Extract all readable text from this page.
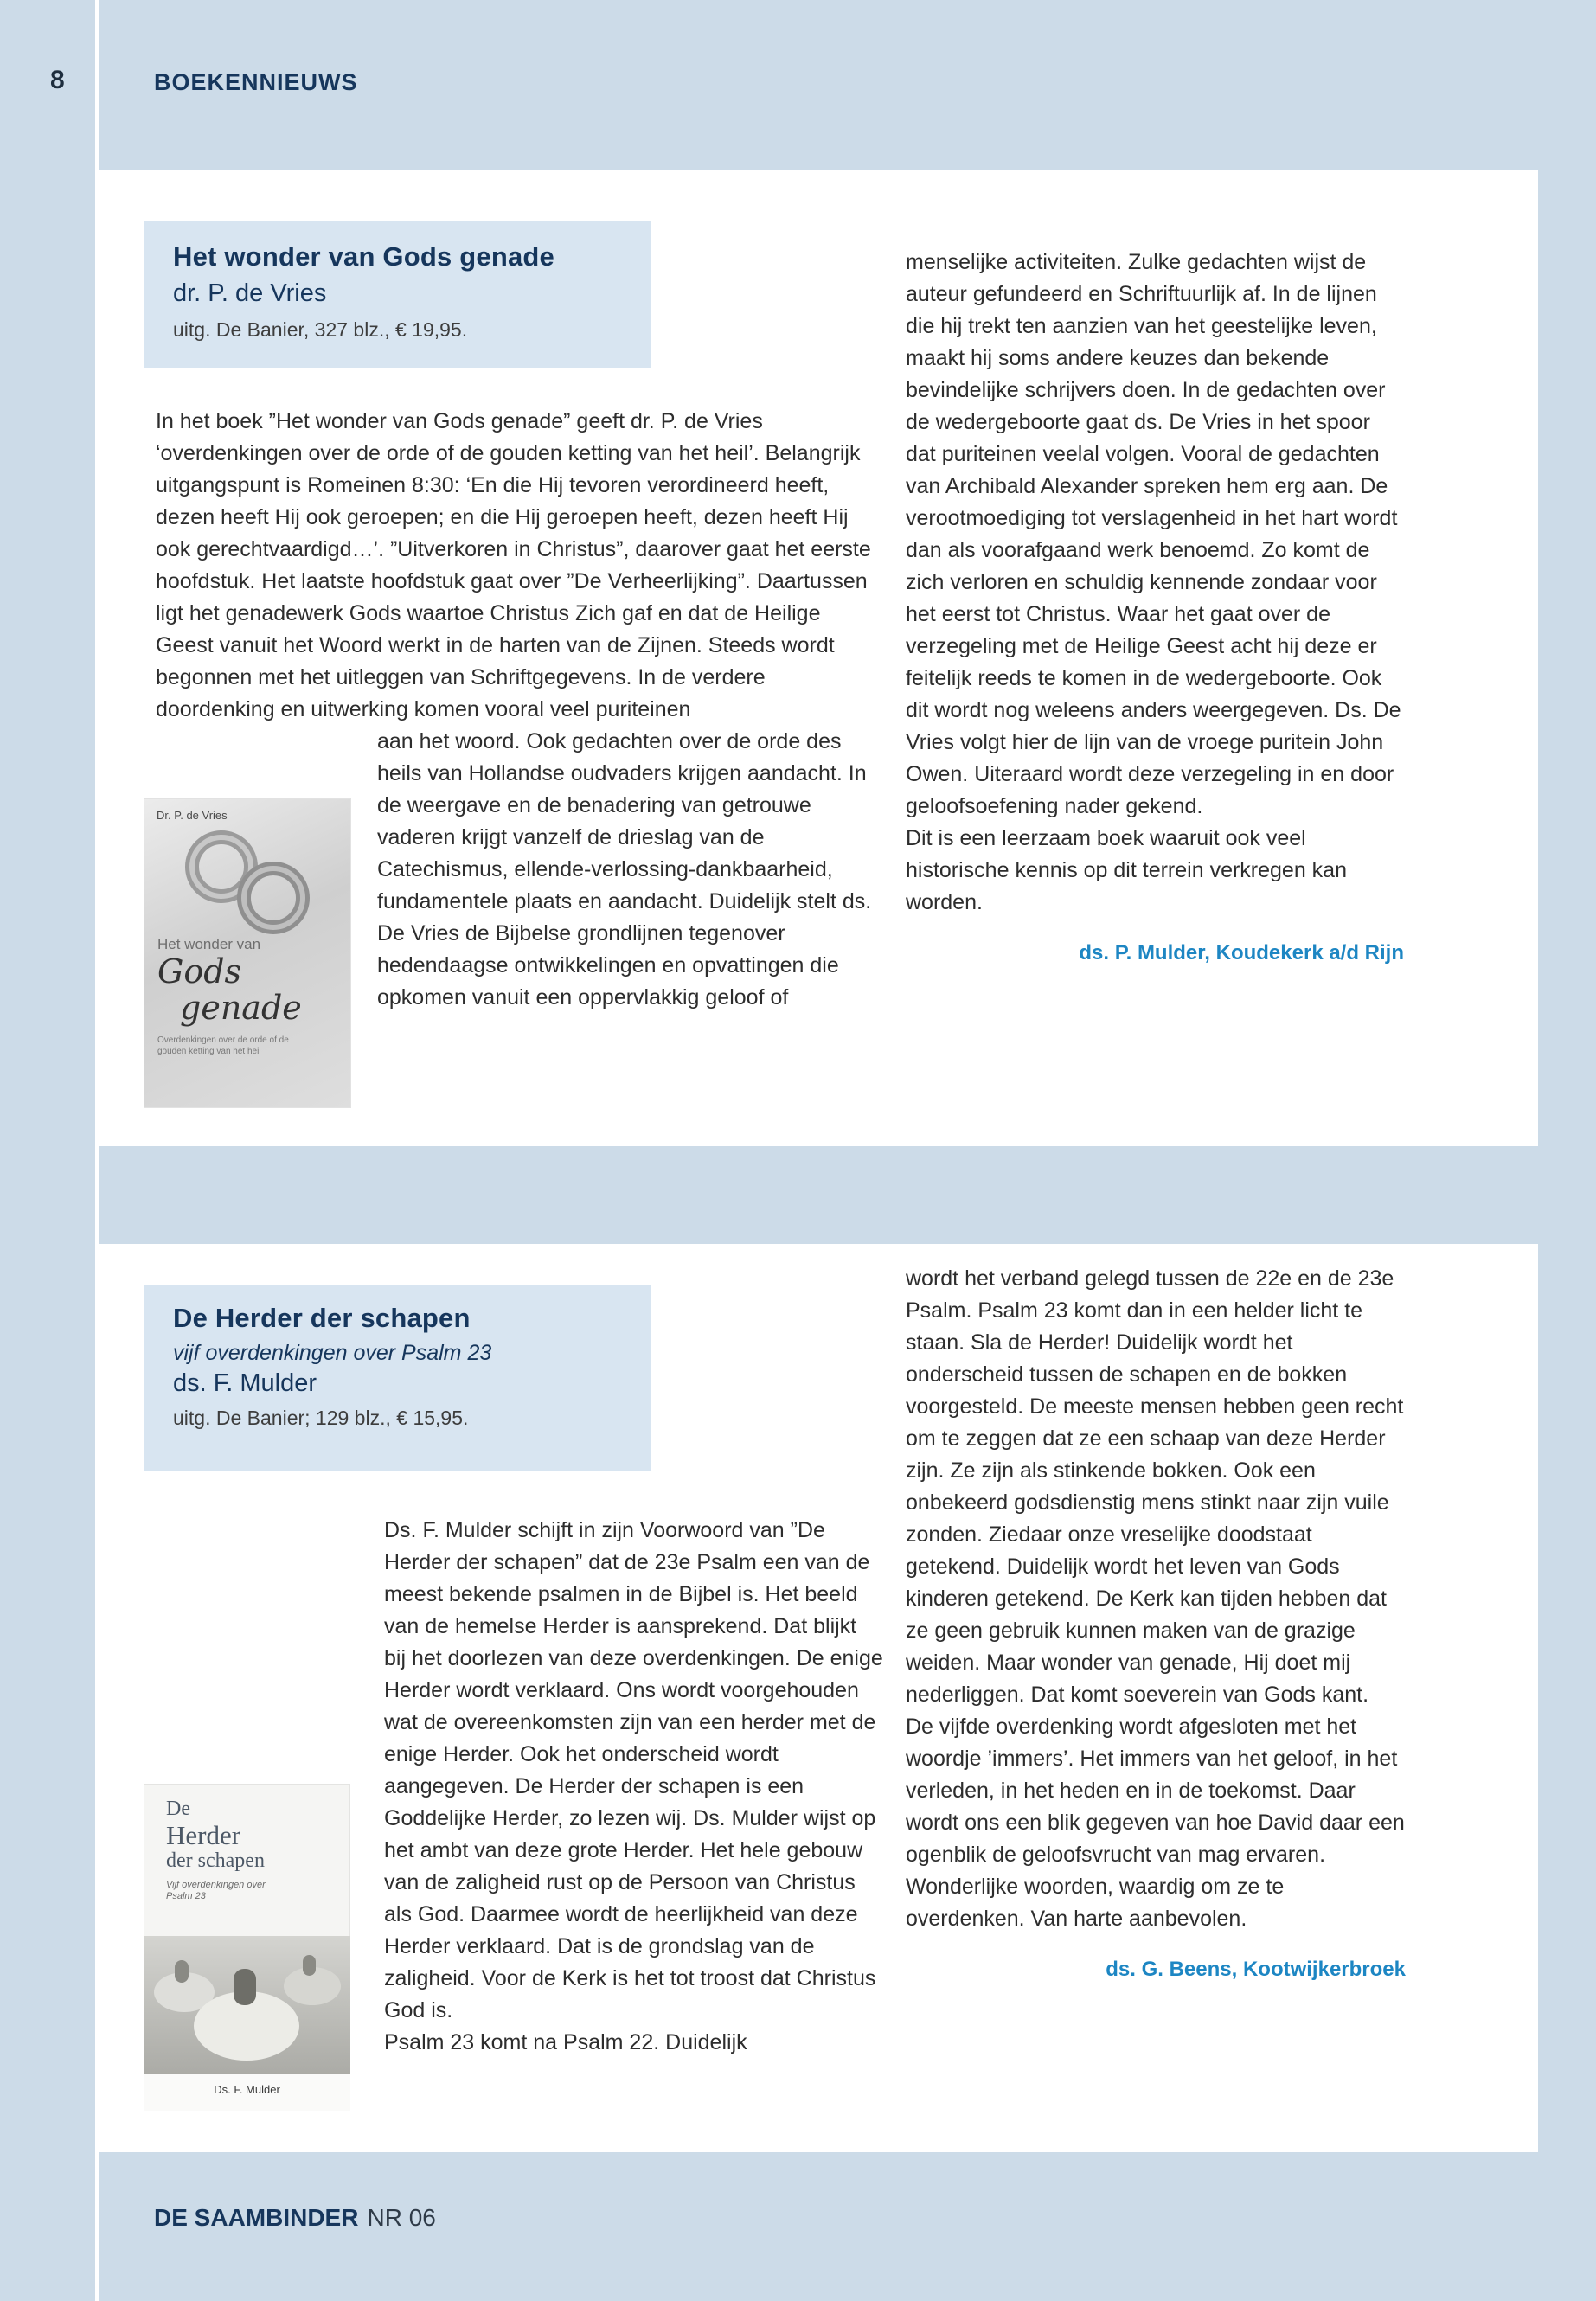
8	BOEKENNIEUWS
Het wonder van Gods genade
dr. P. de Vries
uitg. De Banier, 327 blz., € 19,95.

In het boek ”Het wonder van Gods genade” geeft dr. P. de Vries ‘overdenkingen over de orde of de gouden ketting van het heil’. Belangrijk uitgangspunt is Romeinen 8:30: ‘En die Hij tevoren verordineerd heeft, dezen heeft Hij ook geroepen; en die Hij geroepen heeft, dezen heeft Hij ook gerechtvaardigd…’. ”Uitverkoren in Christus”, daarover gaat het eerste hoofdstuk. Het laatste hoofdstuk gaat over ”De Verheerlijking”. Daartussen ligt het genadewerk Gods waartoe Christus Zich gaf en dat de Heilige Geest vanuit het Woord werkt in de harten van de Zijnen. Steeds wordt begonnen met het uitleggen van Schriftgegevens. In de verdere doordenking en uitwerking komen vooral veel puriteinen

aan het woord. Ook gedachten over de orde des heils van Hollandse oudvaders krijgen aandacht. In de weergave en de benadering van getrouwe vaderen krijgt vanzelf de drieslag van de Catechismus, ellende-verlossing-dankbaarheid, fundamentele plaats en aandacht. Duidelijk stelt ds. De Vries de Bijbelse grondlijnen tegenover hedendaagse ontwikkelingen en opvattingen die opkomen vanuit een oppervlakkig geloof of

Dr. P. de Vries
Het wonder van
Gods
genade
Overdenkingen over de orde of de gouden ketting van het heil

menselijke activiteiten. Zulke gedachten wijst de auteur gefundeerd en Schriftuurlijk af. In de lijnen die hij trekt ten aanzien van het geestelijke leven, maakt hij soms andere keuzes dan bekende bevindelijke schrijvers doen. In de gedachten over de wedergeboorte gaat ds. De Vries in het spoor dat puriteinen veelal volgen. Vooral de gedachten van Archibald Alexander spreken hem erg aan. De verootmoediging tot verslagenheid in het hart wordt dan als voorafgaand werk benoemd. Zo komt de zich verloren en schuldig kennende zondaar voor het eerst tot Christus. Waar het gaat over de verzegeling met de Heilige Geest acht hij deze er feitelijk reeds te komen in de wedergeboorte. Ook dit wordt nog weleens anders weergegeven. Ds. De Vries volgt hier de lijn van de vroege puritein John Owen. Uiteraard wordt deze verzegeling in en door geloofsoefening nader gekend.

Dit is een leerzaam boek waaruit ook veel historische kennis op dit terrein verkregen kan worden.

ds. P. Mulder, Koudekerk a/d Rijn
De Herder der schapen
vijf overdenkingen over Psalm 23
ds. F. Mulder
uitg. De Banier; 129 blz., € 15,95.

Ds. F. Mulder schijft in zijn Voorwoord van ”De Herder der schapen” dat de 23e Psalm een van de meest bekende psalmen in de Bijbel is. Het beeld van de hemelse Herder is aansprekend. Dat blijkt bij het doorlezen van deze overdenkingen. De enige Herder wordt verklaard. Ons wordt voorgehouden wat de overeenkomsten zijn van een herder met de enige Herder. Ook het onderscheid wordt aangegeven. De Herder der schapen is een Goddelijke Herder, zo lezen wij. Ds. Mulder wijst op het ambt van deze grote Herder. Het hele gebouw van de zaligheid rust op de Persoon van Christus als God. Daarmee wordt de heerlijkheid van deze Herder verklaard. Dat is de grondslag van de zaligheid. Voor de Kerk is het tot troost dat Christus God is.

Psalm 23 komt na Psalm 22. Duidelijk

De
Herder
der schapen
Vijf overdenkingen over Psalm 23
Ds. F. Mulder

wordt het verband gelegd tussen de 22e en de 23e Psalm. Psalm 23 komt dan in een helder licht te staan. Sla de Herder! Duidelijk wordt het onderscheid tussen de schapen en de bokken voorgesteld. De meeste mensen hebben geen recht om te zeggen dat ze een schaap van deze Herder zijn. Ze zijn als stinkende bokken. Ook een onbekeerd godsdienstig mens stinkt naar zijn vuile zonden. Ziedaar onze vreselijke doodstaat getekend. Duidelijk wordt het leven van Gods kinderen getekend. De Kerk kan tijden hebben dat ze geen gebruik kunnen maken van de grazige weiden. Maar wonder van genade, Hij doet mij nederliggen. Dat komt soeverein van Gods kant.

De vijfde overdenking wordt afgesloten met het woordje ’immers’. Het immers van het geloof, in het verleden, in het heden en in de toekomst. Daar wordt ons een blik gegeven van hoe David daar een ogenblik de geloofsvrucht van mag ervaren. Wonderlijke woorden, waardig om ze te overdenken. Van harte aanbevolen.

ds. G. Beens, Kootwijkerbroek
DE SAAMBINDER NR 06
